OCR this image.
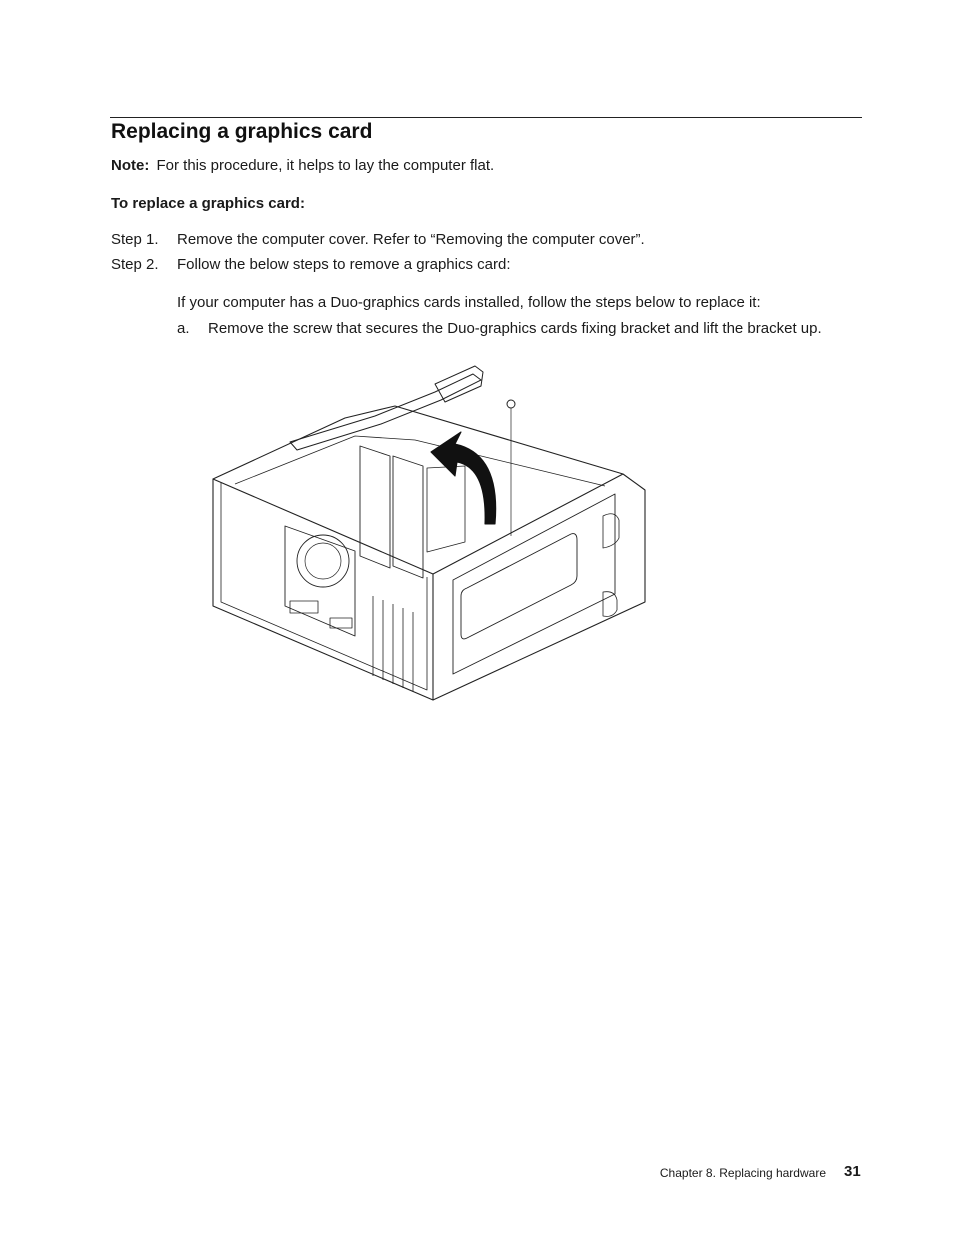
Replacing a graphics card
Note: For this procedure, it helps to lay the computer flat.
To replace a graphics card:
Step 1. Remove the computer cover. Refer to “Removing the computer cover”.
Step 2. Follow the below steps to remove a graphics card:
If your computer has a Duo-graphics cards installed, follow the steps below to replace it:
a. Remove the screw that secures the Duo-graphics cards fixing bracket and lift the bracket up.
Chapter 8. Replacing hardware 31
